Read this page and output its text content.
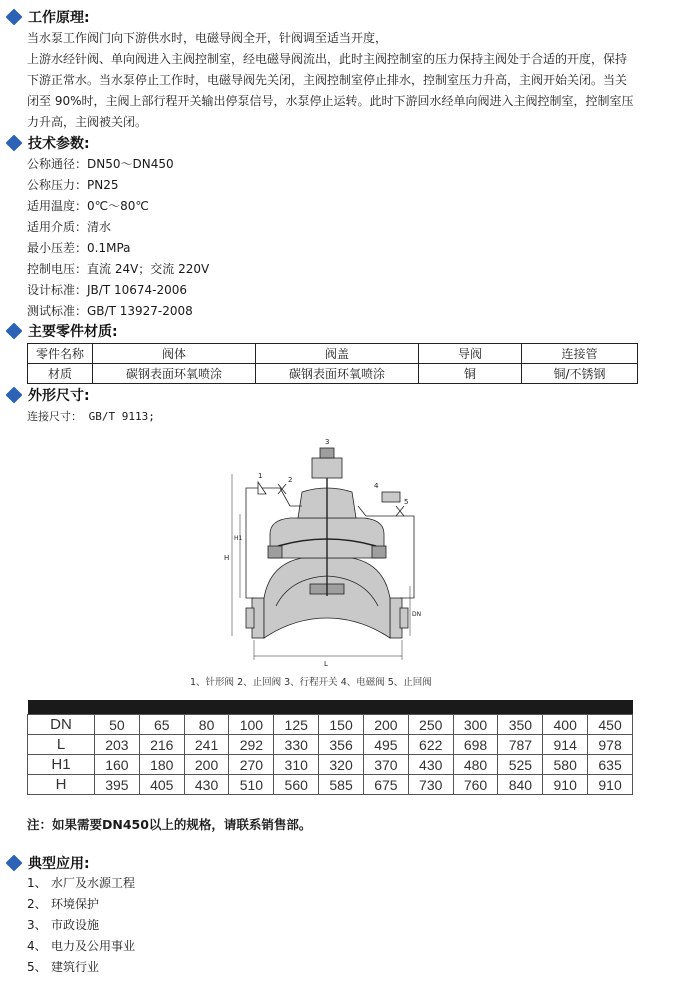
工作原理:
当水泵工作阀门向下游供水时，电磁导阀全开，针阀调至适当开度，
上游水经针阀、单向阀进入主阀控制室，经电磁导阀流出，此时主阀控制室的压力保持主阀处于合适的开度，保持
下游正常水。当水泵停止工作时，电磁导阀先关闭，主阀控制室停止排水，控制室压力升高，主阀开始关闭。当关
闭至 90%时，主阀上部行程开关输出停泵信号，水泵停止运转。此时下游回水经单向阀进入主阀控制室，控制室压
力升高，主阀被关闭。
技术参数:
公称通径：DN50～DN450
公称压力：PN25
适用温度：0℃～80℃
适用介质：清水
最小压差：0.1MPa
控制电压：直流 24V；交流 220V
设计标准：JB/T 10674-2006
测试标准：GB/T 13927-2008
主要零件材质:
零件名称	阀体	阀盖	导阀	连接管
材质	碳钢表面环氧喷涂	碳钢表面环氧喷涂	铜	铜/不锈钢
外形尺寸:
连接尺寸： GB/T 9113;
1	2
3
4
5
H
H1
DN
L
1、针形阀 2、止回阀 3、行程开关 4、电磁阀 5、止回阀

DN	50	65	80	100	125	150	200	250	300	350	400	450
L	203	216	241	292	330	356	495	622	698	787	914	978
H1	160	180	200	270	310	320	370	430	480	525	580	635
H	395	405	430	510	560	585	675	730	760	840	910	910
注：如果需要DN450以上的规格，请联系销售部。
典型应用:
1、 水厂及水源工程
2、 环境保护
3、 市政设施
4、 电力及公用事业
5、 建筑行业
